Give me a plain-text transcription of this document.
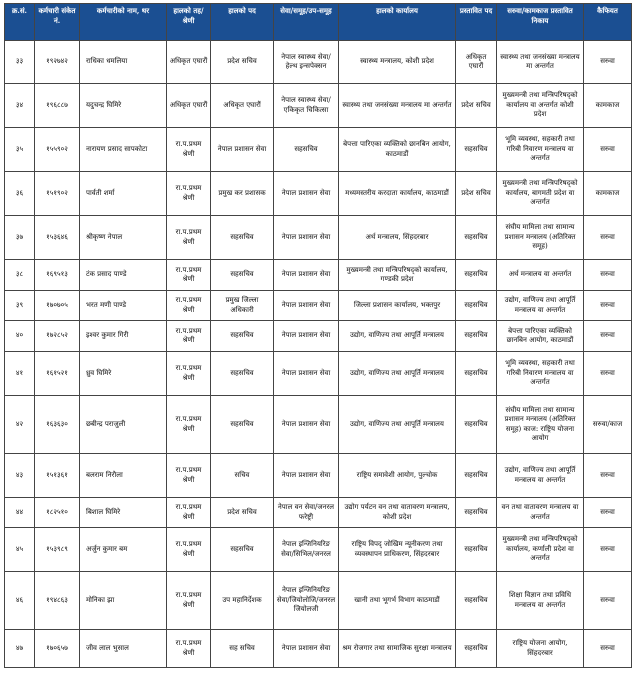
क्र.सं.	कर्मचारी संकेत नं.	कर्मचारीको नाम, थर	हालको तह/श्रेणी	हालको पद	सेवा/समूह/उप-समूह	हालको कार्यालय	प्रस्तावित पद	सरुवा/कामकाज प्रस्तावित निकाय	कैफियत
३३	१९२७४२	राधिका धमलिया	अधिकृत एघारौं	प्रदेश सचिव	नेपाल स्वास्थ्य सेवा/हेल्थ इन्सपेक्सन	स्वास्थ्य मन्त्रालय, कोशी प्रदेश	अधिकृत एघारौं	स्वास्थ्य तथा जनसंख्या मन्त्रालय मा अन्तर्गत	सरुवा
३४	१९६८८७	यदुचन्द्र घिमिरे	अधिकृत एघारौं	अधिकृत एघारौं	नेपाल स्वास्थ्य सेवा/एकिकृत चिकित्सा	स्वास्थ्य तथा जनसंख्या मन्त्रालय मा अन्तर्गत	प्रदेश सचिव	मुख्यमन्त्री तथा मन्त्रिपरिषद्को कार्यालय वा अन्तर्गत कोशी प्रदेश	कामकाज
३५	१५५९०२	नारायण प्रसाद सापकोटा	रा.प.प्रथम श्रेणी	नेपाल प्रशासन सेवा	सहसचिव	बेपत्ता पारिएका व्यक्तिको छानबिन आयोग, काठमाडौं	सहसचिव	भूमि व्यवस्था, सहकारी तथा गरिबी निवारण मन्त्रालय वा अन्तर्गत	सरुवा
३६	१५१९०२	पार्वती शर्मा	रा.प.प्रथम श्रेणी	प्रमुख कर प्रशासक	नेपाल प्रशासन सेवा	मध्यमस्तरीय करदाता कार्यालय, काठमाडौं	प्रदेश सचिव	मुख्यमन्त्री तथा मन्त्रिपरिषद्को कार्यालय, बागमती प्रदेश वा अन्तर्गत	कामकाज
३७	१५३६४६	श्रीकृष्ण नेपाल	रा.प.प्रथम श्रेणी	सहसचिव	नेपाल प्रशासन सेवा	अर्थ मन्त्रालय, सिंहदरबार	सहसचिव	संघीय मामिला तथा सामान्य प्रशासन मन्त्रालय (अतिरिक्त समूह)	सरुवा
३८	१६९५१३	टंक प्रसाद पाण्डे	रा.प.प्रथम श्रेणी	सहसचिव	नेपाल प्रशासन सेवा	मुख्यमन्त्री तथा मन्त्रिपरिषद्को कार्यालय, गण्डकी प्रदेश	सहसचिव	अर्थ मन्त्रालय वा अन्तर्गत	सरुवा
३९	१७०७०५	भरत मणी पाण्डे	रा.प.प्रथम श्रेणी	प्रमुख जिल्ला अधिकारी	नेपाल प्रशासन सेवा	जिल्ला प्रशासन कार्यालय, भक्तपुर	सहसचिव	उद्योग, वाणिज्य तथा आपूर्ति मन्त्रालय वा अन्तर्गत	सरुवा
४०	१७२८५२	इश्वर कुमार गिरी	रा.प.प्रथम श्रेणी	सहसचिव	नेपाल प्रशासन सेवा	उद्योग, वाणिज्य तथा आपूर्ति मन्त्रालय	सहसचिव	बेपत्ता पारिएका व्यक्तिको छानबिन आयोग, काठमाडौं	सरुवा
४१	१६१५२१	ध्रुव घिमिरे	रा.प.प्रथम श्रेणी	सहसचिव	नेपाल प्रशासन सेवा	उद्योग, वाणिज्य तथा आपूर्ति मन्त्रालय	सहसचिव	भूमि व्यवस्था, सहकारी तथा गरिबी निवारण मन्त्रालय वा अन्तर्गत	सरुवा
४२	१६३६३०	छबीन्द्र पराजुली	रा.प.प्रथम श्रेणी	सहसचिव	नेपाल प्रशासन सेवा	उद्योग, वाणिज्य तथा आपूर्ति मन्त्रालय	सहसचिव	संघीय मामिला तथा सामान्य प्रशासन मन्त्रालय (अतिरिक्त समूह) काज: राष्ट्रिय योजना आयोग	सरुवा/काज
४३	१५१३६१	बलराम निरौला	रा.प.प्रथम श्रेणी	सचिव	नेपाल प्रशासन सेवा	राष्ट्रिय समावेशी आयोग, पुल्चोक	सहसचिव	उद्योग, वाणिज्य तथा आपूर्ति मन्त्रालय वा अन्तर्गत	सरुवा
४४	१८२५१०	बिशाल घिमिरे	रा.प.प्रथम श्रेणी	प्रदेश सचिव	नेपाल वन सेवा/जनरल फरेष्ट्री	उद्योग पर्यटन वन तथा वातावरण मन्त्रालय, कोशी प्रदेश	सहसचिव	वन तथा वातावरण मन्त्रालय वा अन्तर्गत	सरुवा
४५	१५३९८९	अर्जुन कुमार बम	रा.प.प्रथम श्रेणी	सहसचिव	नेपाल इन्जिनियरिङ सेवा/सिभिल/जनरल	राष्ट्रिय विपद् जोखिम न्यूनीकरण तथा व्यवस्थापन प्राधिकरण, सिंहदरबार	सहसचिव	मुख्यमन्त्री तथा मन्त्रिपरिषद्को कार्यालय, कर्णाली प्रदेश वा अन्तर्गत	सरुवा
४६	१९४८६३	मोनिका झा	रा.प.प्रथम श्रेणी	उप महानिर्देशक	नेपाल इन्जिनियरिङ सेवा/जियोलोजि/जनरल जियोलजी	खानी तथा भूगर्भ विभाग काठमाडौं	सहसचिव	शिक्षा विज्ञान तथा प्रविधि मन्त्रालय वा अन्तर्गत	सरुवा
४७	१७०६५७	जीव लाल भुसाल	रा.प.प्रथम श्रेणी	सह सचिव	नेपाल प्रशासन सेवा	श्रम रोजगार तथा सामाजिक सुरक्षा मन्त्रालय	सहसचिव	राष्ट्रिय योजना आयोग, सिंहदरबार	सरुवा
